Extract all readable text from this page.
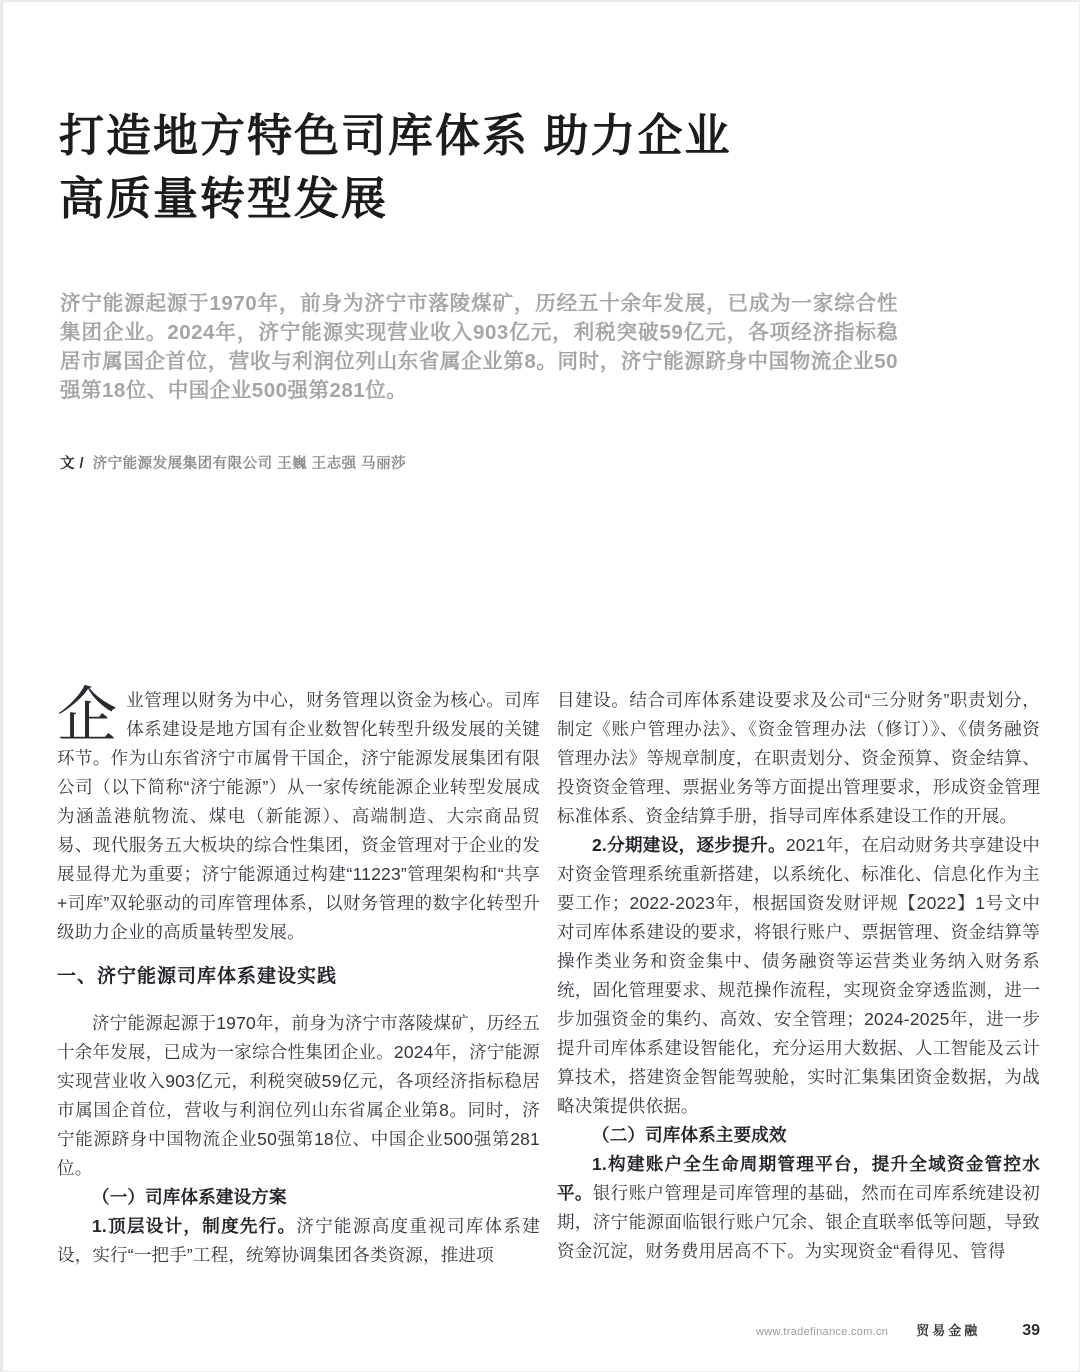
打造地方特色司库体系 助力企业
高质量转型发展

济宁能源起源于1970年，前身为济宁市落陵煤矿，历经五十余年发展，已成为一家综合性集团企业。2024年，济宁能源实现营业收入903亿元，利税突破59亿元，各项经济指标稳居市属国企首位，营收与利润位列山东省属企业第8。同时，济宁能源跻身中国物流企业50强第18位、中国企业500强第281位。

文 / 济宁能源发展集团有限公司 王巍 王志强 马丽莎

企业管理以财务为中心，财务管理以资金为核心。司库体系建设是地方国有企业数智化转型升级发展的关键环节。作为山东省济宁市属骨干国企，济宁能源发展集团有限公司（以下简称“济宁能源”）从一家传统能源企业转型发展成为涵盖港航物流、煤电（新能源）、高端制造、大宗商品贸易、现代服务五大板块的综合性集团，资金管理对于企业的发展显得尤为重要；济宁能源通过构建“11223”管理架构和“共享+司库”双轮驱动的司库管理体系，以财务管理的数字化转型升级助力企业的高质量转型发展。

一、济宁能源司库体系建设实践

济宁能源起源于1970年，前身为济宁市落陵煤矿，历经五十余年发展，已成为一家综合性集团企业。2024年，济宁能源实现营业收入903亿元，利税突破59亿元，各项经济指标稳居市属国企首位，营收与利润位列山东省属企业第8。同时，济宁能源跻身中国物流企业50强第18位、中国企业500强第281位。

（一）司库体系建设方案

1.顶层设计，制度先行。济宁能源高度重视司库体系建设，实行“一把手”工程，统筹协调集团各类资源，推进项

目建设。结合司库体系建设要求及公司“三分财务”职责划分，制定《账户管理办法》、《资金管理办法（修订）》、《债务融资管理办法》等规章制度，在职责划分、资金预算、资金结算、投资资金管理、票据业务等方面提出管理要求，形成资金管理标准体系、资金结算手册，指导司库体系建设工作的开展。

2.分期建设，逐步提升。2021年，在启动财务共享建设中对资金管理系统重新搭建，以系统化、标准化、信息化作为主要工作；2022-2023年，根据国资发财评规【2022】1号文中对司库体系建设的要求，将银行账户、票据管理、资金结算等操作类业务和资金集中、债务融资等运营类业务纳入财务系统，固化管理要求、规范操作流程，实现资金穿透监测，进一步加强资金的集约、高效、安全管理；2024-2025年，进一步提升司库体系建设智能化，充分运用大数据、人工智能及云计算技术，搭建资金智能驾驶舱，实时汇集集团资金数据，为战略决策提供依据。

（二）司库体系主要成效

1.构建账户全生命周期管理平台，提升全域资金管控水平。银行账户管理是司库管理的基础，然而在司库系统建设初期，济宁能源面临银行账户冗余、银企直联率低等问题，导致资金沉淀，财务费用居高不下。为实现资金“看得见、管得

www.tradefinance.com.cn 贸易金融	39
